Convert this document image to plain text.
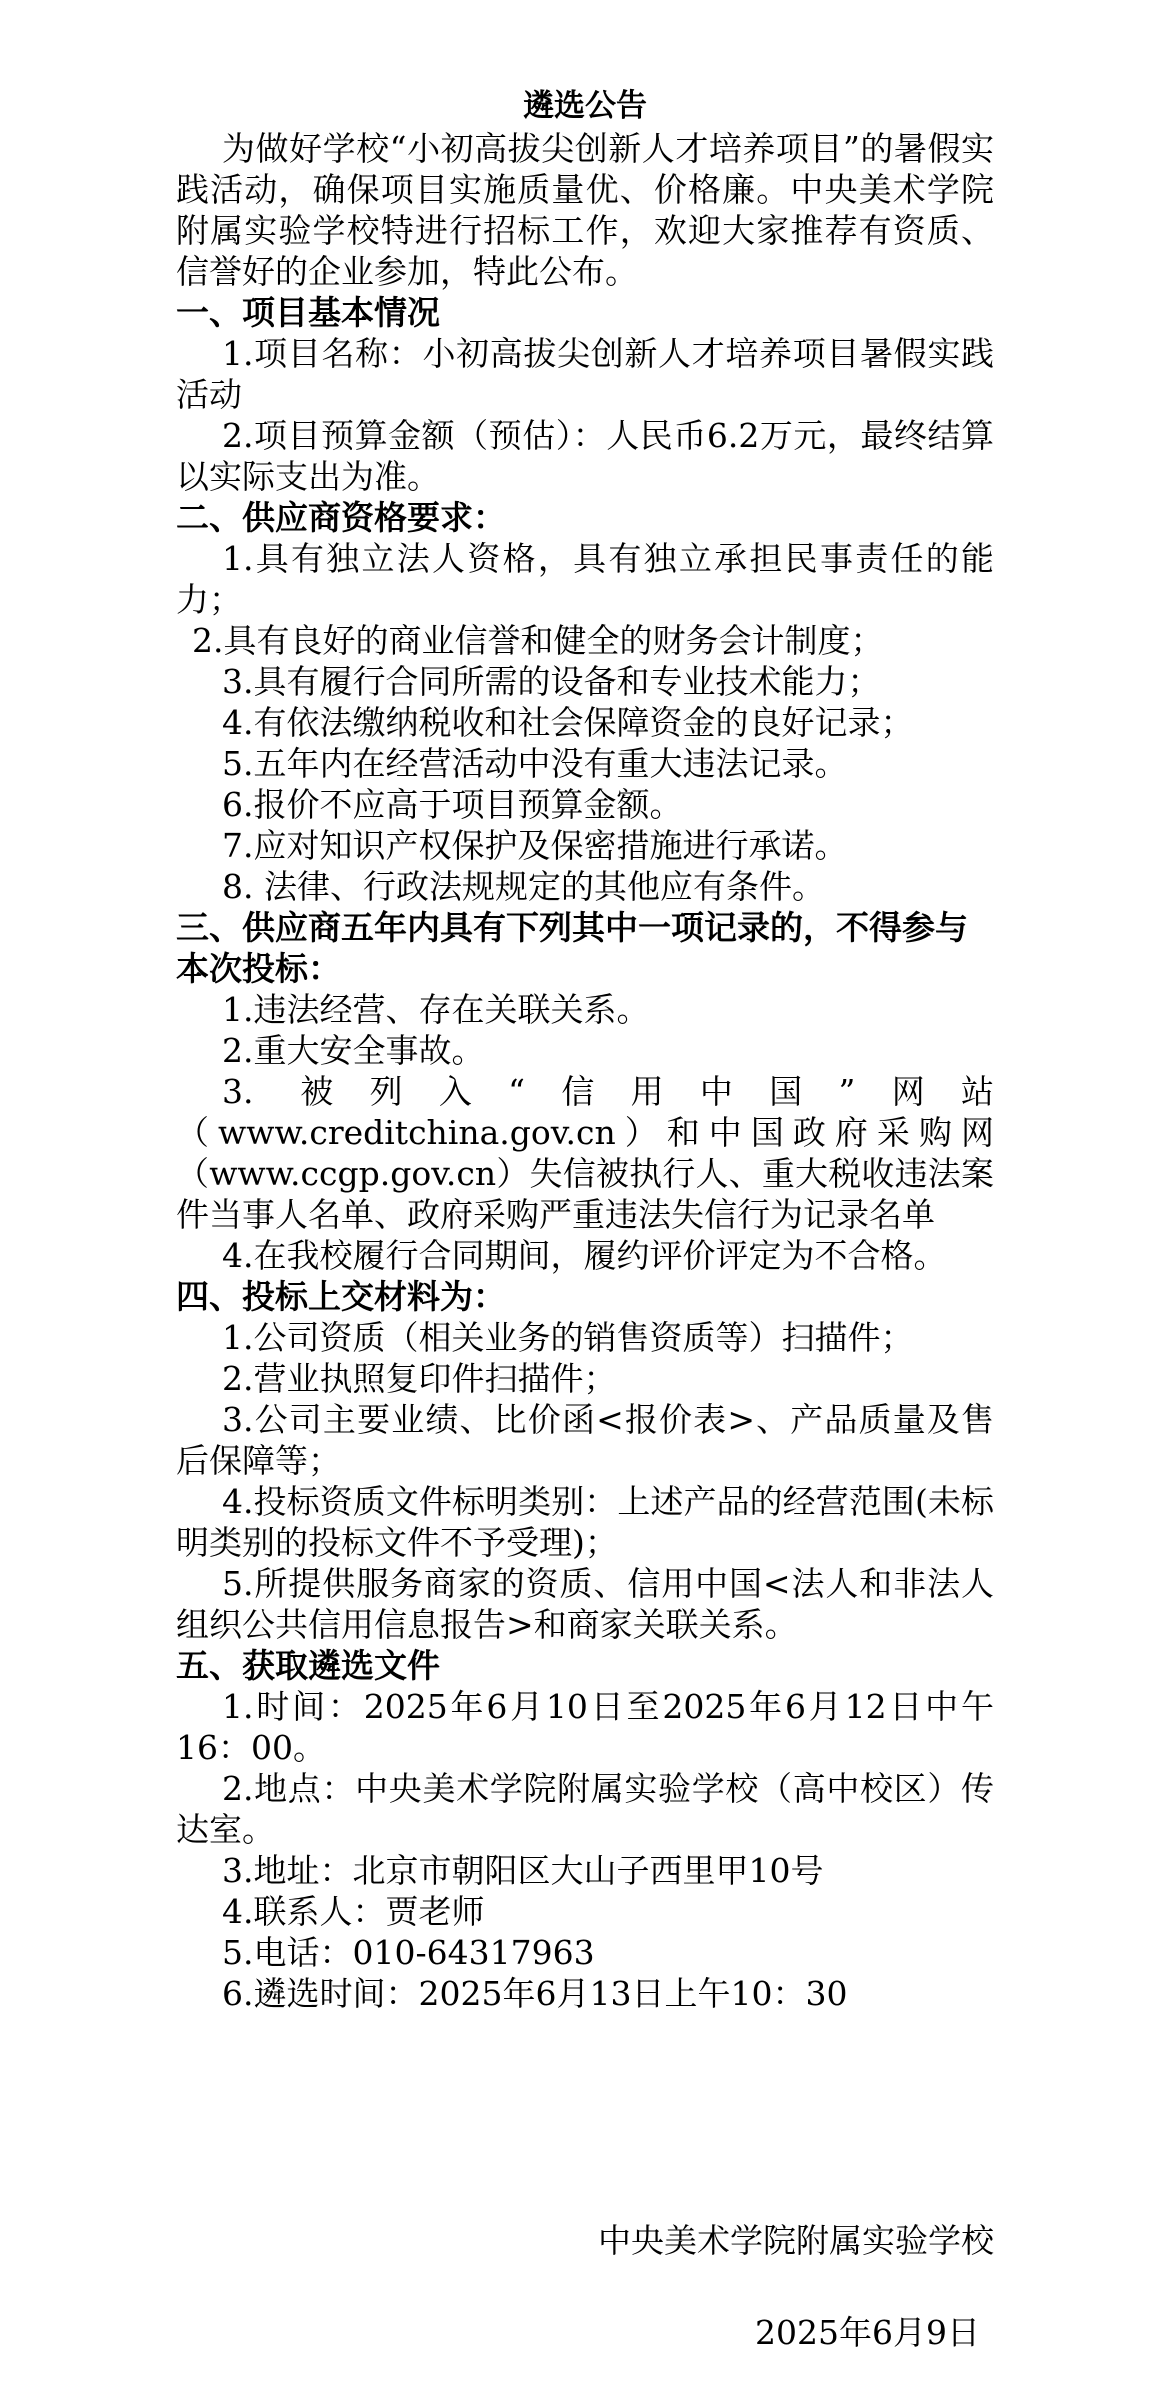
遴选公告
为做好学校“小初高拔尖创新人才培养项目”的暑假实践活动，确保项目实施质量优、价格廉。中央美术学院附属实验学校特进行招标工作，欢迎大家推荐有资质、信誉好的企业参加，特此公布。
一、项目基本情况
1.项目名称：小初高拔尖创新人才培养项目暑假实践活动
2.项目预算金额（预估）：人民币6.2万元，最终结算以实际支出为准。
二、供应商资格要求：
1.具有独立法人资格，具有独立承担民事责任的能力；
2.具有良好的商业信誉和健全的财务会计制度；
3.具有履行合同所需的设备和专业技术能力；
4.有依法缴纳税收和社会保障资金的良好记录；
5.五年内在经营活动中没有重大违法记录。
6.报价不应高于项目预算金额。
7.应对知识产权保护及保密措施进行承诺。
8. 法律、行政法规规定的其他应有条件。
三、供应商五年内具有下列其中一项记录的，不得参与本次投标：
1.违法经营、存在关联关系。
2.重大安全事故。
3. 被列入“信用中国”网站（www.creditchina.gov.cn）和中国政府采购网（www.ccgp.gov.cn）失信被执行人、重大税收违法案件当事人名单、政府采购严重违法失信行为记录名单
4.在我校履行合同期间，履约评价评定为不合格。
四、投标上交材料为：
1.公司资质（相关业务的销售资质等）扫描件；
2.营业执照复印件扫描件；
3.公司主要业绩、比价函<报价表>、产品质量及售后保障等；
4.投标资质文件标明类别：上述产品的经营范围(未标明类别的投标文件不予受理)；
5.所提供服务商家的资质、信用中国<法人和非法人组织公共信用信息报告>和商家关联关系。
五、获取遴选文件
1.时间：2025年6月10日至2025年6月12日中午16：00。
2.地点：中央美术学院附属实验学校（高中校区）传达室。
3.地址：北京市朝阳区大山子西里甲10号
4.联系人：贾老师
5.电话：010-64317963
6.遴选时间：2025年6月13日上午10：30
中央美术学院附属实验学校
2025年6月9日
